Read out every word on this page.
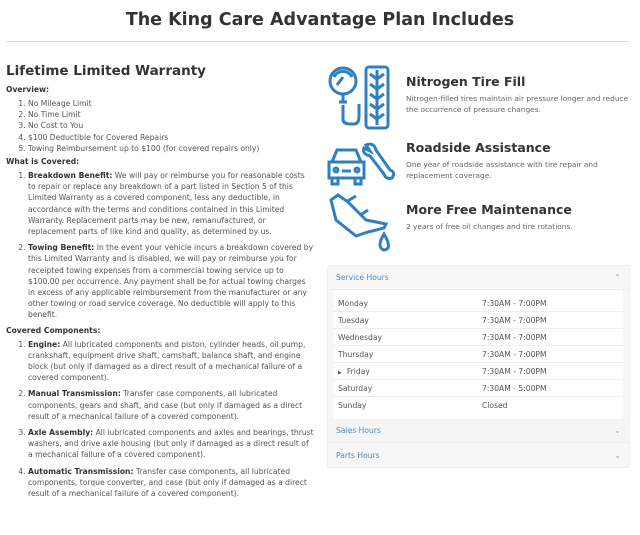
The King Care Advantage Plan Includes
Lifetime Limited Warranty
Overview:
1. No Mileage Limit
2. No Time Limit
3. No Cost to You
4. $100 Deductible for Covered Repairs
5. Towing Reimbursement up to $100 (for covered repairs only)
What is Covered:
1. Breakdown Benefit: We will pay or reimburse you for reasonable costs to repair or replace any breakdown of a part listed in Section 5 of this Limited Warranty as a covered component, less any deductible, in accordance with the terms and conditions contained in this Limited Warranty. Replacement parts may be new, remanufactured, or replacement parts of like kind and quality, as determined by us.
2. Towing Benefit: In the event your vehicle incurs a breakdown covered by this Limited Warranty and is disabled, we will pay or reimburse you for receipted towing expenses from a commercial towing service up to $100.00 per occurrence. Any payment shall be for actual towing charges in excess of any applicable reimbursement from the manufacturer or any other towing or road service coverage. No deductible will apply to this benefit.
Covered Components:
1. Engine: All lubricated components and piston, cylinder heads, oil pump, crankshaft, equipment drive shaft, camshaft, balance shaft, and engine block (but only if damaged as a direct result of a mechanical failure of a covered component).
2. Manual Transmission: Transfer case components, all lubricated components, gears and shaft, and case (but only if damaged as a direct result of a mechanical failure of a covered component).
3. Axle Assembly: All lubricated components and axles and bearings, thrust washers, and drive axle housing (but only if damaged as a direct result of a mechanical failure of a covered component).
4. Automatic Transmission: Transfer case components, all lubricated components, torque converter, and case (but only if damaged as a direct result of a mechanical failure of a covered component).
Nitrogen Tire Fill
Nitrogen-filled tires maintain air pressure longer and reduce the occurrence of pressure changes.
Roadside Assistance
One year of roadside assistance with tire repair and replacement coverage.
More Free Maintenance
2 years of free oil changes and tire rotations.
Service Hours	⌃
Monday	7:30AM - 7:00PM
Tuesday	7:30AM - 7:00PM
Wednesday	7:30AM - 7:00PM
Thursday	7:30AM - 7:00PM
▶ Friday	7:30AM - 7:00PM
Saturday	7:30AM - 5:00PM
Sunday	Closed
Sales Hours	⌄
Parts Hours	⌄
